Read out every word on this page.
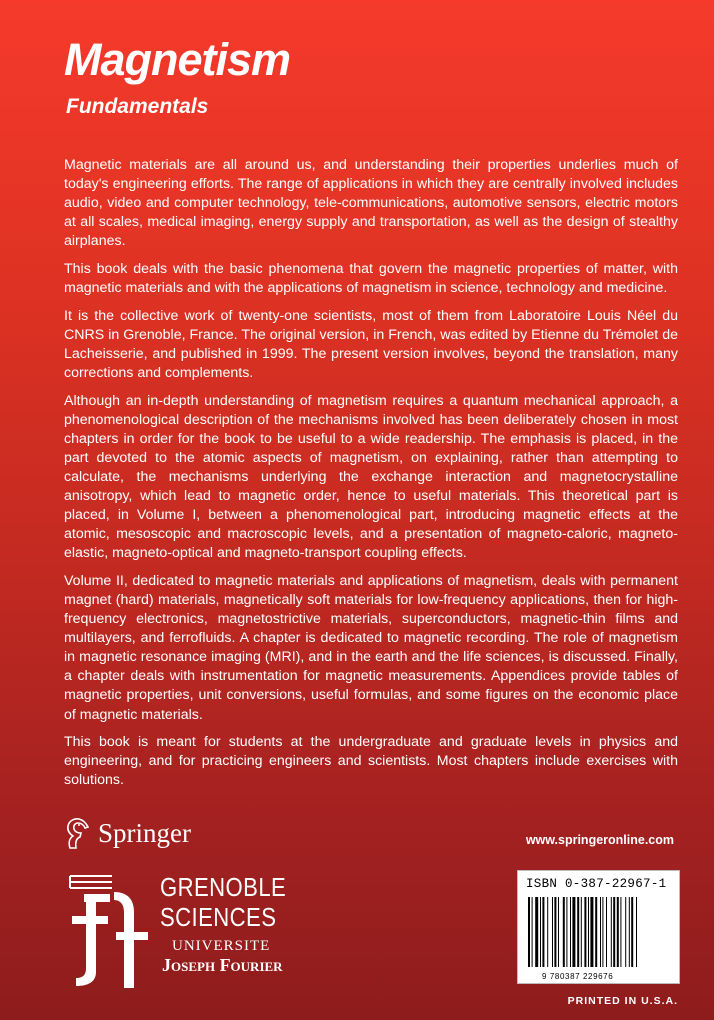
Magnetism
Fundamentals

Magnetic materials are all around us, and understanding their properties underlies much of today's engineering efforts. The range of applications in which they are centrally involved includes audio, video and computer technology, tele-communications, automotive sensors, electric motors at all scales, medical imaging, energy supply and transportation, as well as the design of stealthy airplanes.

This book deals with the basic phenomena that govern the magnetic properties of matter, with magnetic materials and with the applications of magnetism in science, technology and medicine.

It is the collective work of twenty-one scientists, most of them from Laboratoire Louis Néel du CNRS in Grenoble, France. The original version, in French, was edited by Etienne du Trémolet de Lacheisserie, and published in 1999. The present version involves, beyond the translation, many corrections and complements.

Although an in-depth understanding of magnetism requires a quantum mechanical approach, a phenomenological description of the mechanisms involved has been deliberately chosen in most chapters in order for the book to be useful to a wide readership. The emphasis is placed, in the part devoted to the atomic aspects of magnetism, on explaining, rather than attempting to calculate, the mechanisms underlying the exchange interaction and magnetocrystalline anisotropy, which lead to magnetic order, hence to useful materials. This theoretical part is placed, in Volume I, between a phenomenological part, introducing magnetic effects at the atomic, mesoscopic and macroscopic levels, and a presentation of magneto-caloric, magneto-elastic, magneto-optical and magneto-transport coupling effects.

Volume II, dedicated to magnetic materials and applications of magnetism, deals with permanent magnet (hard) materials, magnetically soft materials for low-frequency applications, then for high-frequency electronics, magnetostrictive materials, superconductors, magnetic-thin films and multilayers, and ferrofluids. A chapter is dedicated to magnetic recording. The role of magnetism in magnetic resonance imaging (MRI), and in the earth and the life sciences, is discussed. Finally, a chapter deals with instrumentation for magnetic measurements. Appendices provide tables of magnetic properties, unit conversions, useful formulas, and some figures on the economic place of magnetic materials.

This book is meant for students at the undergraduate and graduate levels in physics and engineering, and for practicing engineers and scientists. Most chapters include exercises with solutions.

Springer	www.springeronline.com
GRENOBLE
SCIENCES
UNIVERSITE
Joseph Fourier
ISBN 0-387-22967-1
9 780387 229676
PRINTED IN U.S.A.
